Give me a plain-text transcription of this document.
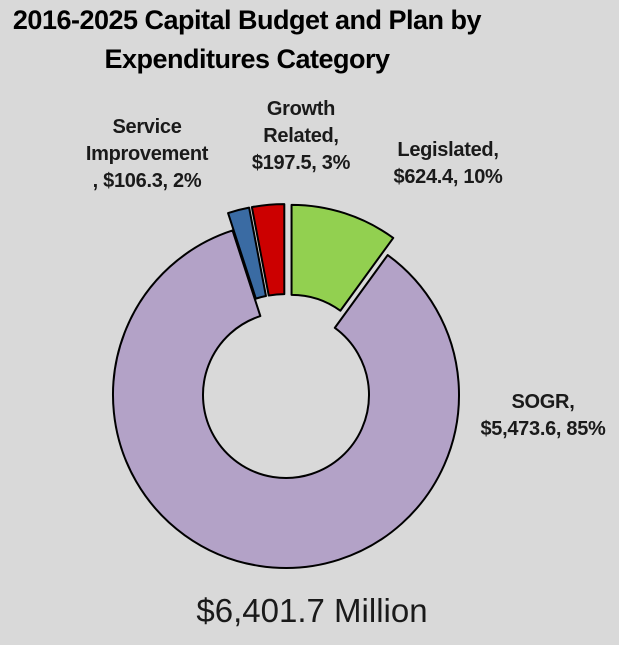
2016-2025 Capital Budget and Plan by
Expenditures Category
Service
Improvement
, $106.3, 2%
Growth
Related,
$197.5, 3%
Legislated,
$624.4, 10%
SOGR,
$5,473.6, 85%
$6,401.7 Million
